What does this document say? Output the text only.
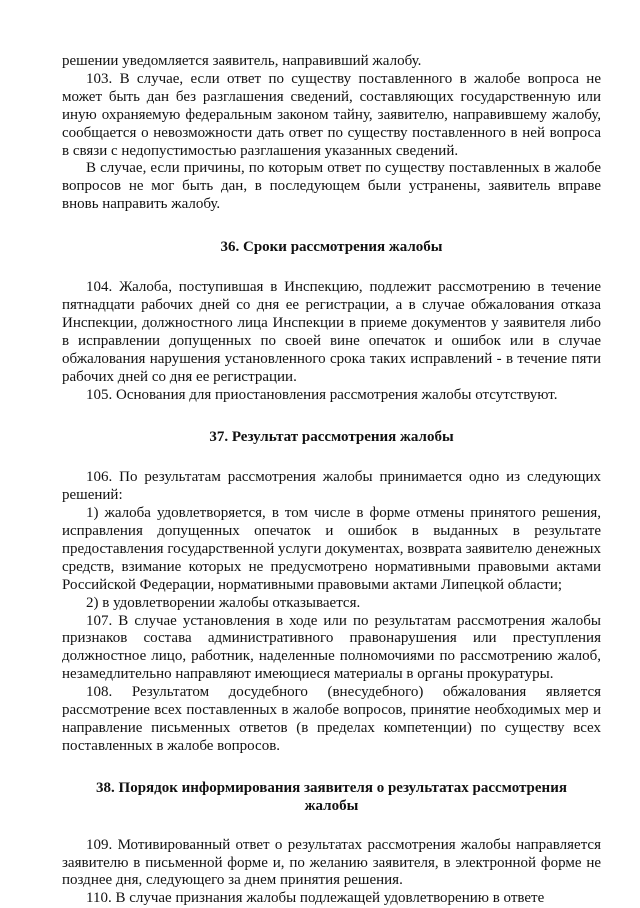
решении уведомляется заявитель, направивший жалобу.

103. В случае, если ответ по существу поставленного в жалобе вопроса не может быть дан без разглашения сведений, составляющих государственную или иную охраняемую федеральным законом тайну, заявителю, направившему жалобу, сообщается о невозможности дать ответ по существу поставленного в ней вопроса в связи с недопустимостью разглашения указанных сведений.

В случае, если причины, по которым ответ по существу поставленных в жалобе вопросов не мог быть дан, в последующем были устранены, заявитель вправе вновь направить жалобу.

36. Сроки рассмотрения жалобы

104. Жалоба, поступившая в Инспекцию, подлежит рассмотрению в течение пятнадцати рабочих дней со дня ее регистрации, а в случае обжалования отказа Инспекции, должностного лица Инспекции в приеме документов у заявителя либо в исправлении допущенных по своей вине опечаток и ошибок или в случае обжалования нарушения установленного срока таких исправлений - в течение пяти рабочих дней со дня ее регистрации.

105. Основания для приостановления рассмотрения жалобы отсутствуют.

37. Результат рассмотрения жалобы

106. По результатам рассмотрения жалобы принимается одно из следующих решений:

1) жалоба удовлетворяется, в том числе в форме отмены принятого решения, исправления допущенных опечаток и ошибок в выданных в результате предоставления государственной услуги документах, возврата заявителю денежных средств, взимание которых не предусмотрено нормативными правовыми актами Российской Федерации, нормативными правовыми актами Липецкой области;

2) в удовлетворении жалобы отказывается.

107. В случае установления в ходе или по результатам рассмотрения жалобы признаков состава административного правонарушения или преступления должностное лицо, работник, наделенные полномочиями по рассмотрению жалоб, незамедлительно направляют имеющиеся материалы в органы прокуратуры.

108. Результатом досудебного (внесудебного) обжалования является рассмотрение всех поставленных в жалобе вопросов, принятие необходимых мер и направление письменных ответов (в пределах компетенции) по существу всех поставленных в жалобе вопросов.

38. Порядок информирования заявителя о результатах рассмотрения жалобы

109. Мотивированный ответ о результатах рассмотрения жалобы направляется заявителю в письменной форме и, по желанию заявителя, в электронной форме не позднее дня, следующего за днем принятия решения.

110. В случае признания жалобы подлежащей удовлетворению в ответе
